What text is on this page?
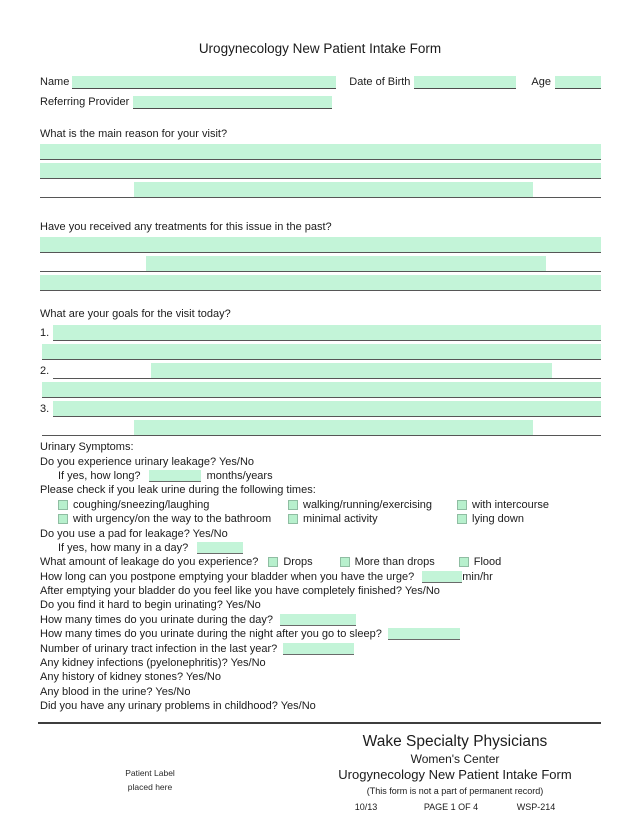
Urogynecology New Patient Intake Form
Name	Date of Birth	Age
Referring Provider
What is the main reason for your visit?
Have you received any treatments for this issue in the past?
What are your goals for the visit today?
1.
2.
3.
Urinary Symptoms:
Do you experience urinary leakage? Yes/No
If yes, how long?	months/years
Please check if you leak urine during the following times:
coughing/sneezing/laughing	walking/running/exercising	with intercourse
with urgency/on the way to the bathroom	minimal activity	lying down
Do you use a pad for leakage? Yes/No
If yes, how many in a day?
What amount of leakage do you experience? Drops	More than drops	Flood
How long can you postpone emptying your bladder when you have the urge?	min/hr
After emptying your bladder do you feel like you have completely finished? Yes/No
Do you find it hard to begin urinating? Yes/No
How many times do you urinate during the day?
How many times do you urinate during the night after you go to sleep?
Number of urinary tract infection in the last year?
Any kidney infections (pyelonephritis)? Yes/No
Any history of kidney stones? Yes/No
Any blood in the urine? Yes/No
Did you have any urinary problems in childhood? Yes/No
Patient Label
placed here
Wake Specialty Physicians
Women's Center
Urogynecology New Patient Intake Form
(This form is not a part of permanent record)
10/13	PAGE 1 OF 4	WSP-214
